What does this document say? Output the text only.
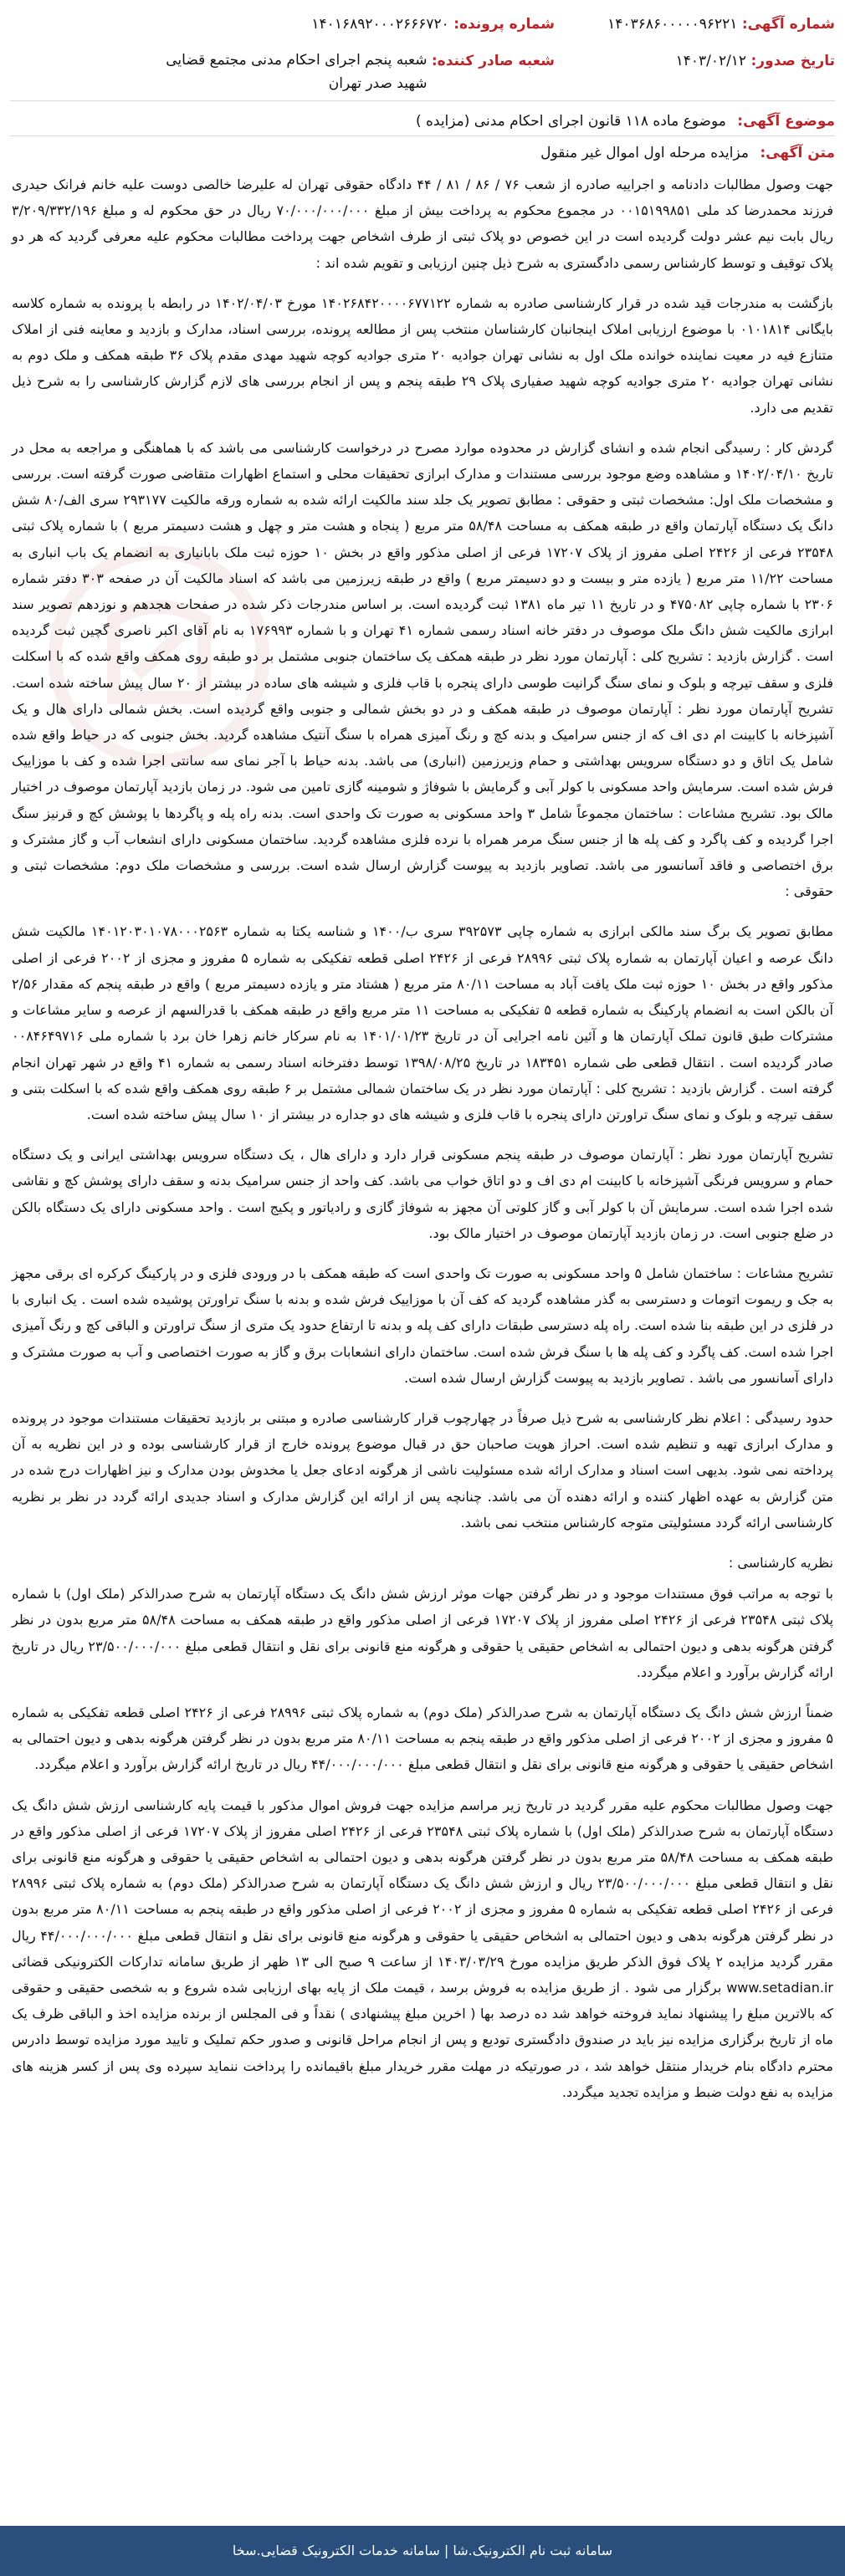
شماره آگهی: ۱۴۰۳۶۸۶۰۰۰۰۰۹۶۲۲۱
شماره پرونده: ۱۴۰۱۶۸۹۲۰۰۰۲۶۶۶۷۲۰
تاریخ صدور: ۱۴۰۳/۰۲/۱۲
شعبه صادر کننده: شعبه پنجم اجرای احکام مدنی مجتمع قضایی شهید صدر تهران
موضوع آگهی: موضوع ماده ۱۱۸ قانون اجرای احکام مدنی (مزایده )
متن آگهی: مزایده مرحله اول اموال غیر منقول

جهت وصول مطالبات دادنامه و اجراییه صادره از شعب ۷۶ / ۸۶ / ۸۱ / ۴۴ دادگاه حقوقی تهران له علیرضا خالصی دوست علیه خانم فرانک حیدری فرزند محمدرضا کد ملی ۰۰۱۵۱۹۹۸۵۱ در مجموع محکوم به پرداخت بیش از مبلغ ۷۰/۰۰۰/۰۰۰/۰۰۰ ریال در حق محکوم له و مبلغ ۳/۲۰۹/۳۳۲/۱۹۶ ریال بابت نیم عشر دولت گردیده است در این خصوص دو پلاک ثبتی از طرف اشخاص جهت پرداخت مطالبات محکوم علیه معرفی گردید که هر دو پلاک توقیف و توسط کارشناس رسمی دادگستری به شرح ذیل چنین ارزیابی و تقویم شده اند :

بازگشت به مندرجات قید شده در قرار کارشناسی صادره به شماره ۱۴۰۲۶۸۴۲۰۰۰۰۶۷۷۱۲۲ مورخ ۱۴۰۲/۰۴/۰۳ در رابطه با پرونده به شماره کلاسه بایگانی ۰۱۰۱۸۱۴ با موضوع ارزیابی املاک اینجانبان کارشناسان منتخب پس از مطالعه پرونده، بررسی اسناد، مدارک و بازدید و معاینه فنی از املاک متنازع فیه در معیت نماینده خوانده ملک اول به نشانی تهران جواديه ۲۰ متری جواديه کوچه شهید مهدی مقدم پلاک ۳۶ طبقه همکف و ملک دوم به نشانی تهران جواديه ۲۰ متری جواديه کوچه شهید صفیاری پلاک ۲۹ طبقه پنجم و پس از انجام بررسی های لازم گزارش کارشناسی را به شرح ذیل تقدیم می دارد.

گردش کار : رسیدگی انجام شده و انشای گزارش در محدوده موارد مصرح در درخواست کارشناسی می باشد که با هماهنگی و مراجعه به محل در تاریخ ۱۴۰۲/۰۴/۱۰ و مشاهده وضع موجود بررسی مستندات و مدارک ابرازی تحقیقات محلی و استماع اظهارات متقاضی صورت گرفته است. بررسی و مشخصات ملک اول: مشخصات ثبتی و حقوقی : مطابق تصویر یک جلد سند مالکیت ارائه شده به شماره ورقه مالکیت ۲۹۳۱۷۷ سری الف/۸۰ شش دانگ یک دستگاه آپارتمان واقع در طبقه همکف به مساحت ۵۸/۴۸ متر مربع ( پنجاه و هشت متر و چهل و هشت دسیمتر مربع ) با شماره پلاک ثبتی ۲۳۵۴۸ فرعی از ۲۴۲۶ اصلی مفروز از پلاک ۱۷۲۰۷ فرعی از اصلی مذکور واقع در بخش ۱۰ حوزه ثبت ملک بابانیاری به انضمام یک باب انباری به مساحت ۱۱/۲۲ متر مربع ( یازده متر و بیست و دو دسیمتر مربع ) واقع در طبقه زیرزمین می باشد که اسناد مالکیت آن در صفحه ۳۰۳ دفتر شماره ۲۳۰۶ با شماره چاپی ۴۷۵۰۸۲ و در تاریخ ۱۱ تیر ماه ۱۳۸۱ ثبت گردیده است. بر اساس مندرجات ذکر شده در صفحات هجدهم و نوزدهم تصویر سند ابرازی مالکیت شش دانگ ملک موصوف در دفتر خانه اسناد رسمی شماره ۴۱ تهران و با شماره ۱۷۶۹۹۳ به نام آقای اکبر ناصری گچین ثبت گردیده است . گزارش بازدید : تشریح کلی : آپارتمان مورد نظر در طبقه همکف یک ساختمان جنوبی مشتمل بر دو طبقه روی همکف واقع شده که با اسکلت فلزی و سقف تیرچه و بلوک و نمای سنگ گرانیت طوسی دارای پنجره با قاب فلزی و شیشه های ساده در بیشتر از ۲۰ سال پیش ساخته شده است. تشریح آپارتمان مورد نظر : آپارتمان موصوف در طبقه همکف و در دو بخش شمالی و جنوبی واقع گردیده است. بخش شمالی دارای هال و یک آشپزخانه با کابینت ام دی اف که از جنس سرامیک و بدنه کچ و رنگ آمیزی همراه با سنگ آنتیک مشاهده گردید. بخش جنوبی که در حیاط واقع شده شامل یک اتاق و دو دستگاه سرویس بهداشتی و حمام وزیرزمین (انباری) می باشد. بدنه حیاط با آجر نمای سه سانتی اجرا شده و کف با موزاییک فرش شده است. سرمایش واحد مسکونی با کولر آبی و گرمایش با شوفاژ و شومینه گازی تامین می شود. در زمان بازدید آپارتمان موصوف در اختیار مالک بود. تشریح مشاعات : ساختمان مجموعاً شامل ۳ واحد مسکونی به صورت تک واحدی است. بدنه راه پله و پاگردها با پوشش کچ و قرنیز سنگ اجرا گردیده و کف پاگرد و کف پله ها از جنس سنگ مرمر همراه با نرده فلزی مشاهده گردید. ساختمان مسکونی دارای انشعاب آب و گاز مشترک و برق اختصاصی و فاقد آسانسور می باشد. تصاویر بازدید به پیوست گزارش ارسال شده است. بررسی و مشخصات ملک دوم: مشخصات ثبتی و حقوقی :

مطابق تصویر یک برگ سند مالکی ابرازی به شماره چاپی ۳۹۲۵۷۳ سری ب/۱۴۰۰ و شناسه یکتا به شماره ۱۴۰۱۲۰۳۰۱۰۷۸۰۰۰۲۵۶۳ مالکیت شش دانگ عرصه و اعیان آپارتمان به شماره پلاک ثبتی ۲۸۹۹۶ فرعی از ۲۴۲۶ اصلی قطعه تفکیکی به شماره ۵ مفروز و مجزی از ۲۰۰۲ فرعی از اصلی مذکور واقع در بخش ۱۰ حوزه ثبت ملک یافت آباد به مساحت ۸۰/۱۱ متر مربع ( هشتاد متر و یازده دسیمتر مربع ) واقع در طبقه پنجم که مقدار ۲/۵۶ آن بالکن است به انضمام پارکینگ به شماره قطعه ۵ تفکیکی به مساحت ۱۱ متر مربع واقع در طبقه همکف با قدرالسهم از عرصه و سایر مشاعات و مشترکات طبق قانون تملک آپارتمان ها و آئین نامه اجرایی آن در تاریخ ۱۴۰۱/۰۱/۲۳ به نام سرکار خانم زهرا خان برد با شماره ملی ۰۰۸۴۶۴۹۷۱۶ صادر گردیده است . انتقال قطعی طی شماره ۱۸۳۴۵۱ در تاریخ ۱۳۹۸/۰۸/۲۵ توسط دفترخانه اسناد رسمی به شماره ۴۱ واقع در شهر تهران انجام گرفته است . گزارش بازدید : تشریح کلی : آپارتمان مورد نظر در یک ساختمان شمالی مشتمل بر ۶ طبقه روی همکف واقع شده که با اسکلت بتنی و سقف تیرچه و بلوک و نمای سنگ تراورتن دارای پنجره با قاب فلزی و شیشه های دو جداره در بیشتر از ۱۰ سال پیش ساخته شده است.

تشریح آپارتمان مورد نظر : آپارتمان موصوف در طبقه پنجم مسکونی قرار دارد و دارای هال ، یک دستگاه سرویس بهداشتی ایرانی و یک دستگاه حمام و سرویس فرنگی آشپزخانه با کابینت ام دی اف و دو اتاق خواب می باشد. کف واحد از جنس سرامیک بدنه و سقف دارای پوشش کچ و نقاشی شده اجرا شده است. سرمایش آن با کولر آبی و گاز کلوتی آن مجهز به شوفاژ گازی و رادیاتور و پکیج است . واحد مسکونی دارای یک دستگاه بالکن در ضلع جنوبی است. در زمان بازدید آپارتمان موصوف در اختیار مالک بود.

تشریح مشاعات : ساختمان شامل ۵ واحد مسکونی به صورت تک واحدی است که طبقه همکف با در ورودی فلزی و در پارکینگ کرکره ای برقی مجهز به جک و ریموت اتومات و دسترسی به گذر مشاهده گردید که کف آن با موزاییک فرش شده و بدنه با سنگ تراورتن پوشیده شده است . یک انباری با در فلزی در این طبقه بنا شده است. راه پله دسترسی طبقات دارای کف پله و بدنه تا ارتفاع حدود یک متری از سنگ تراورتن و الباقی کچ و رنگ آمیزی اجرا شده است. کف پاگرد و کف پله ها با سنگ فرش شده است. ساختمان دارای انشعابات برق و گاز به صورت اختصاصی و آب به صورت مشترک و دارای آسانسور می باشد . تصاویر بازدید به پیوست گزارش ارسال شده است.

حدود رسیدگی : اعلام نظر کارشناسی به شرح ذیل صرفاً در چهارچوب قرار کارشناسی صادره و مبتنی بر بازدید تحقیقات مستندات موجود در پرونده و مدارک ابرازی تهیه و تنظیم شده است. احراز هویت صاحبان حق در قبال موضوع پرونده خارج از قرار کارشناسی بوده و در این نظریه به آن پرداخته نمی شود. بدیهی است اسناد و مدارک ارائه شده مسئولیت ناشی از هرگونه ادعای جعل یا مخدوش بودن مدارک و نیز اظهارات درج شده در متن گزارش به عهده اظهار کننده و ارائه دهنده آن می باشد. چنانچه پس از ارائه این گزارش مدارک و اسناد جدیدی ارائه گردد در نظر بر نظریه کارشناسی ارائه گردد مسئولیتی متوجه کارشناس منتخب نمی باشد.

نظریه کارشناسی :

با توجه به مراتب فوق مستندات موجود و در نظر گرفتن جهات موثر ارزش شش دانگ یک دستگاه آپارتمان به شرح صدرالذکر (ملک اول) با شماره پلاک ثبتی ۲۳۵۴۸ فرعی از ۲۴۲۶ اصلی مفروز از پلاک ۱۷۲۰۷ فرعی از اصلی مذکور واقع در طبقه همکف به مساحت ۵۸/۴۸ متر مربع بدون در نظر گرفتن هرگونه بدهی و دیون احتمالی به اشخاص حقیقی یا حقوقی و هرگونه منع قانونی برای نقل و انتقال قطعی مبلغ ۲۳/۵۰۰/۰۰۰/۰۰۰ ریال در تاریخ ارائه گزارش برآورد و اعلام میگردد.

ضمناً ارزش شش دانگ یک دستگاه آپارتمان به شرح صدرالذکر (ملک دوم) به شماره پلاک ثبتی ۲۸۹۹۶ فرعی از ۲۴۲۶ اصلی قطعه تفکیکی به شماره ۵ مفروز و مجزی از ۲۰۰۲ فرعی از اصلی مذکور واقع در طبقه پنجم به مساحت ۸۰/۱۱ متر مربع بدون در نظر گرفتن هرگونه بدهی و دیون احتمالی به اشخاص حقیقی یا حقوقی و هرگونه منع قانونی برای نقل و انتقال قطعی مبلغ ۴۴/۰۰۰/۰۰۰/۰۰۰ ریال در تاریخ ارائه گزارش برآورد و اعلام میگردد.

جهت وصول مطالبات محکوم علیه مقرر گردید در تاریخ زیر مراسم مزایده جهت فروش اموال مذکور با قیمت پایه کارشناسی ارزش شش دانگ یک دستگاه آپارتمان به شرح صدرالذکر (ملک اول) با شماره پلاک ثبتی ۲۳۵۴۸ فرعی از ۲۴۲۶ اصلی مفروز از پلاک ۱۷۲۰۷ فرعی از اصلی مذکور واقع در طبقه همکف به مساحت ۵۸/۴۸ متر مربع بدون در نظر گرفتن هرگونه بدهی و دیون احتمالی به اشخاص حقیقی یا حقوقی و هرگونه منع قانونی برای نقل و انتقال قطعی مبلغ ۲۳/۵۰۰/۰۰۰/۰۰۰ ریال و ارزش شش دانگ یک دستگاه آپارتمان به شرح صدرالذکر (ملک دوم) به شماره پلاک ثبتی ۲۸۹۹۶ فرعی از ۲۴۲۶ اصلی قطعه تفکیکی به شماره ۵ مفروز و مجزی از ۲۰۰۲ فرعی از اصلی مذکور واقع در طبقه پنجم به مساحت ۸۰/۱۱ متر مربع بدون در نظر گرفتن هرگونه بدهی و دیون احتمالی به اشخاص حقیقی یا حقوقی و هرگونه منع قانونی برای نقل و انتقال قطعی مبلغ ۴۴/۰۰۰/۰۰۰/۰۰۰ ریال مقرر گردید مزایده ۲ پلاک فوق الذکر طریق مزایده مورخ ۱۴۰۳/۰۳/۲۹ از ساعت ۹ صبح الی ۱۳ ظهر از طریق سامانه تدارکات الکترونیکی قضائی www.setadian.ir برگزار می شود . از طریق مزایده به فروش برسد ، قیمت ملک از پایه بهای ارزیابی شده شروع و به شخصی حقیقی و حقوقی که بالاترین مبلغ را پیشنهاد نماید فروخته خواهد شد ده درصد بها ( اخرین مبلغ پیشنهادی ) نقداً و فی المجلس از برنده مزایده اخذ و الباقی ظرف یک ماه از تاریخ برگزاری مزایده نیز باید در صندوق دادگستری تودیع و پس از انجام مراحل قانونی و صدور حکم تملیک و تایید مورد مزایده توسط دادرس محترم دادگاه بنام خریدار منتقل خواهد شد ، در صورتیکه در مهلت مقرر خریدار مبلغ باقیمانده را پرداخت ننماید سپرده وی پس از کسر هزینه های مزایده به نفع دولت ضبط و مزایده تجدید میگردد.

سامانه ثبت نام الکترونیک.شا | سامانه خدمات الکترونیک قضایی.سخا
